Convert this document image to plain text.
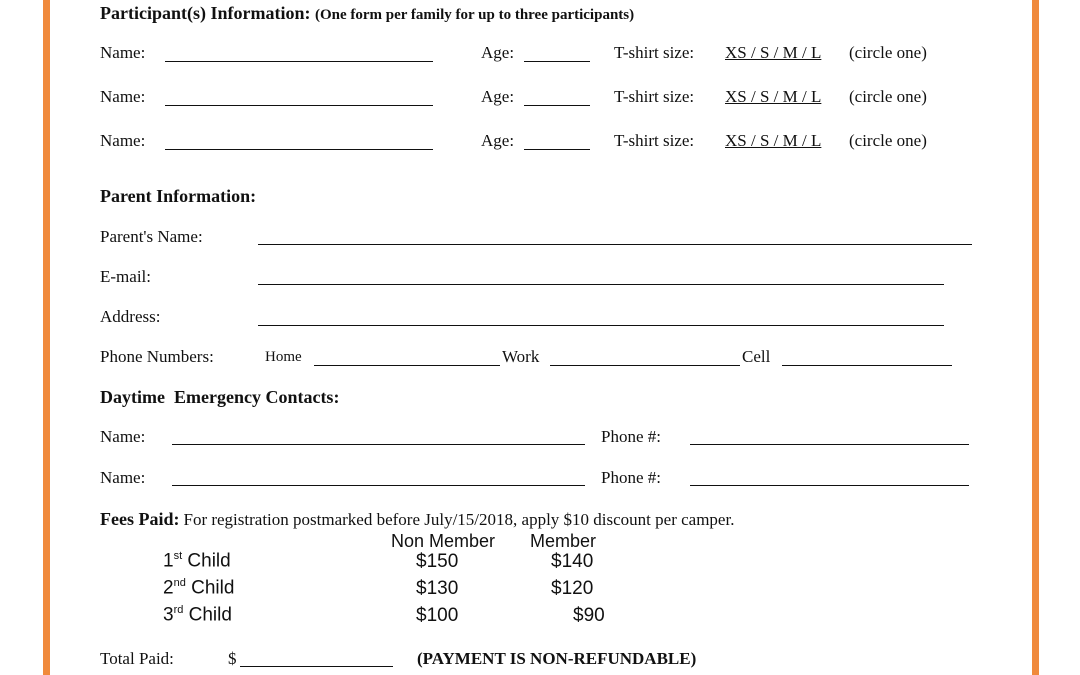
Participant(s) Information: (One form per family for up to three participants)
Name:	Age:	T-shirt size: XS / S / M / L (circle one)
Name:	Age:	T-shirt size: XS / S / M / L (circle one)
Name:	Age:	T-shirt size: XS / S / M / L (circle one)
Parent Information:
Parent's Name:
E-mail:
Address:
Phone Numbers:	Home	Work	Cell
Daytime  Emergency Contacts:
Name:	Phone #:
Name:	Phone #:
Fees Paid: For registration postmarked before July/15/2018, apply $10 discount per camper.
Non Member Member
1st Child	$150	$140
2nd Child	$130	$120
3rd Child	$100	$90
Total Paid:	$	(PAYMENT IS NON-REFUNDABLE)
